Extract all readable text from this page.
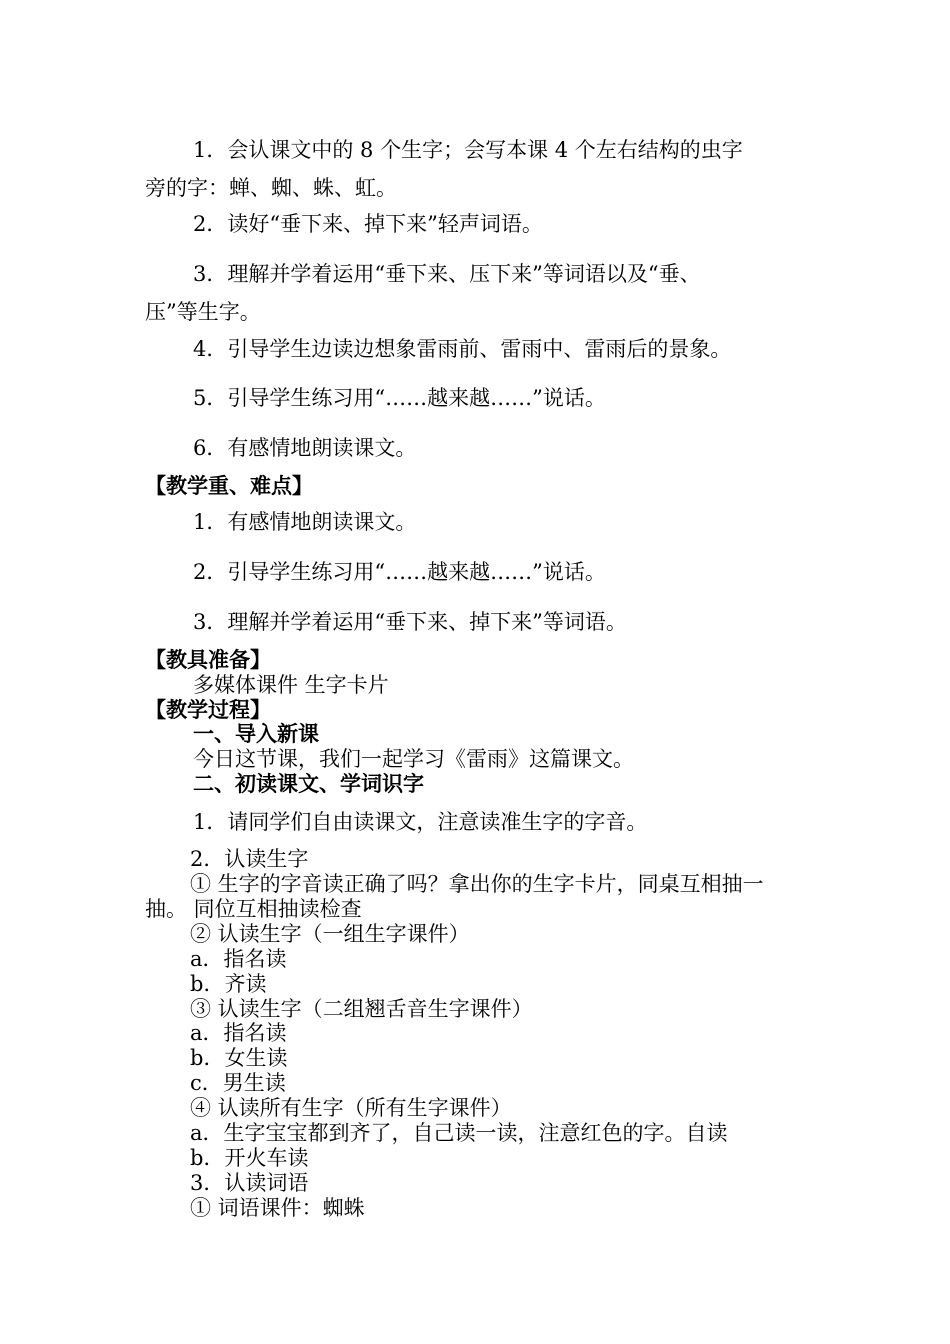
1．会认课文中的 8 个生字；会写本课 4 个左右结构的虫字
旁的字：蝉、蜘、蛛、虹。
2．读好“垂下来、掉下来”轻声词语。
3．理解并学着运用“垂下来、压下来”等词语以及“垂、
压”等生字。
4．引导学生边读边想象雷雨前、雷雨中、雷雨后的景象。
5．引导学生练习用“……越来越……”说话。
6．有感情地朗读课文。
【教学重、难点】
1．有感情地朗读课文。
2．引导学生练习用“……越来越……”说话。
3．理解并学着运用“垂下来、掉下来”等词语。
【教具准备】
多媒体课件 生字卡片
【教学过程】
一、导入新课
今日这节课，我们一起学习《雷雨》这篇课文。
二、初读课文、学词识字
1．请同学们自由读课文，注意读准生字的字音。
2．认读生字
① 生字的字音读正确了吗？拿出你的生字卡片，同桌互相抽一
抽。 同位互相抽读检查
② 认读生字（一组生字课件）
a．指名读
b．齐读
③ 认读生字（二组翘舌音生字课件）
a．指名读
b．女生读
c．男生读
④ 认读所有生字（所有生字课件）
a．生字宝宝都到齐了，自己读一读，注意红色的字。自读
b．开火车读
3．认读词语
① 词语课件：蜘蛛
